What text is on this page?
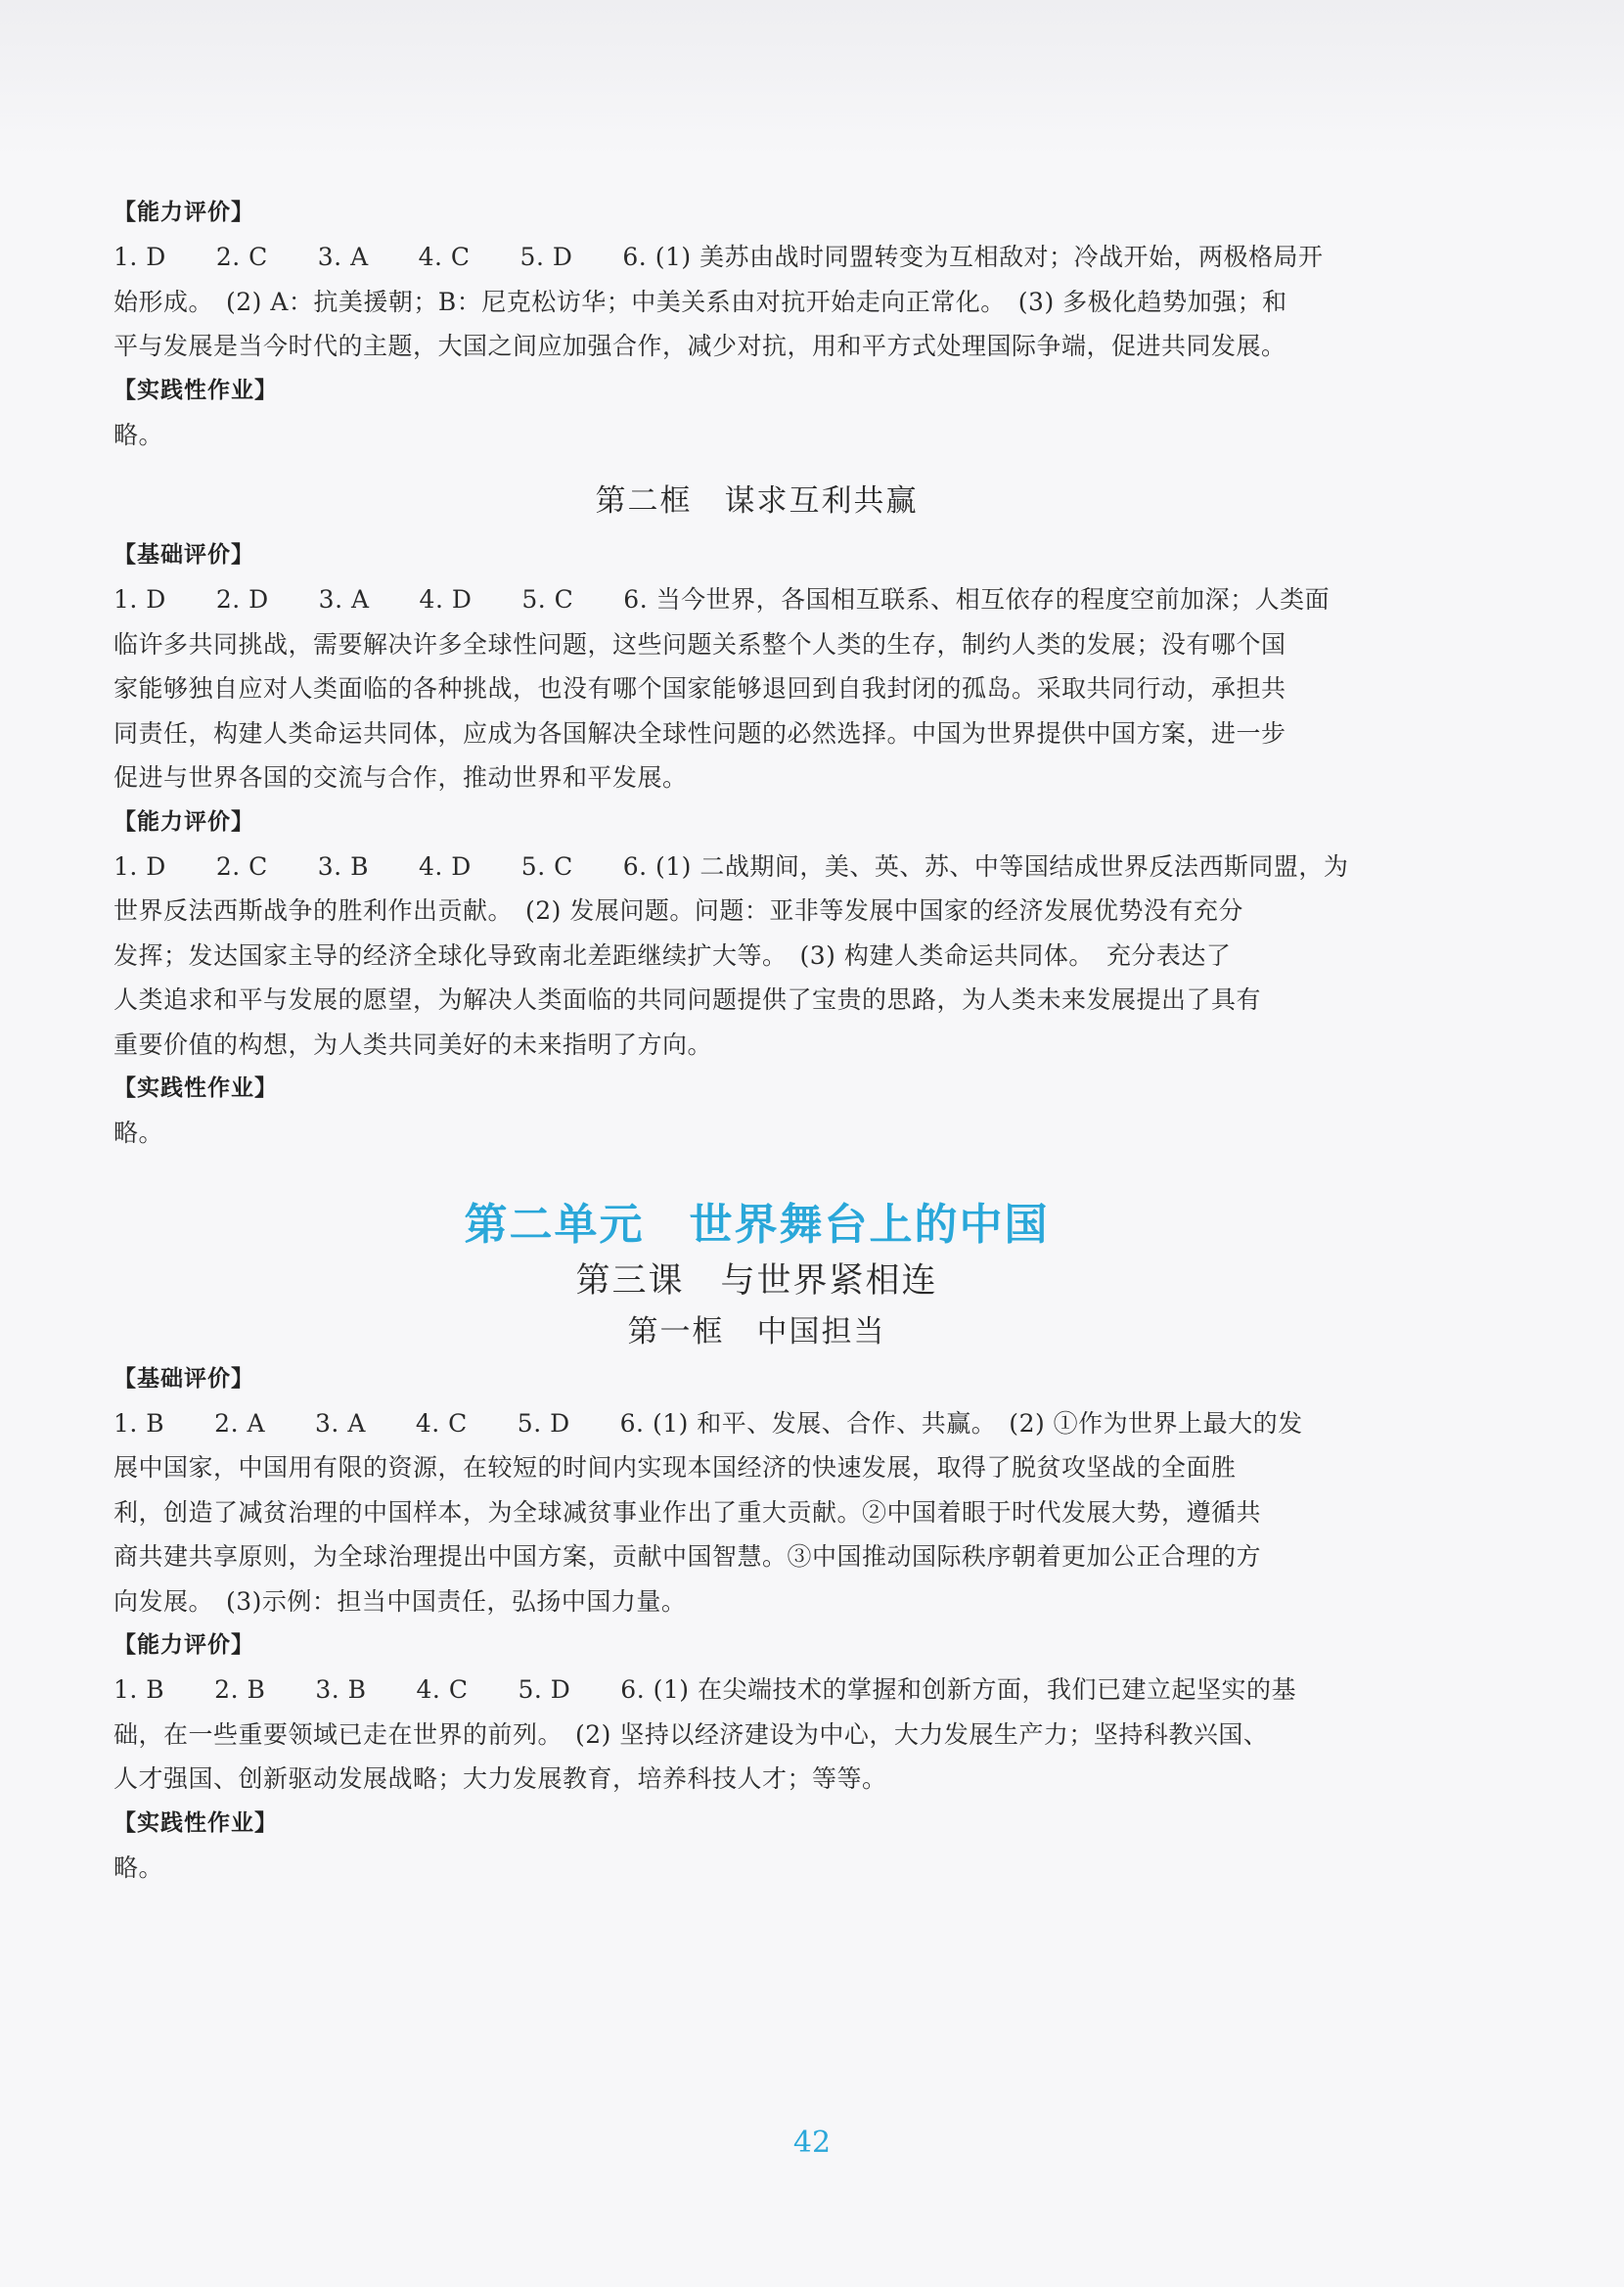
【能力评价】

1. D　　2. C　　3. A　　4. C　　5. D　　6. (1) 美苏由战时同盟转变为互相敌对；冷战开始，两极格局开
始形成。　(2) A：抗美援朝；B：尼克松访华；中美关系由对抗开始走向正常化。　(3) 多极化趋势加强；和
平与发展是当今时代的主题，大国之间应加强合作，减少对抗，用和平方式处理国际争端，促进共同发展。

【实践性作业】

略。

第二框　谋求互利共赢
【基础评价】

1. D　　2. D　　3. A　　4. D　　5. C　　6. 当今世界，各国相互联系、相互依存的程度空前加深；人类面
临许多共同挑战，需要解决许多全球性问题，这些问题关系整个人类的生存，制约人类的发展；没有哪个国
家能够独自应对人类面临的各种挑战，也没有哪个国家能够退回到自我封闭的孤岛。采取共同行动，承担共
同责任，构建人类命运共同体，应成为各国解决全球性问题的必然选择。中国为世界提供中国方案，进一步
促进与世界各国的交流与合作，推动世界和平发展。

【能力评价】

1. D　　2. C　　3. B　　4. D　　5. C　　6. (1) 二战期间，美、英、苏、中等国结成世界反法西斯同盟，为
世界反法西斯战争的胜利作出贡献。　(2) 发展问题。问题：亚非等发展中国家的经济发展优势没有充分
发挥；发达国家主导的经济全球化导致南北差距继续扩大等。　(3) 构建人类命运共同体。　充分表达了
人类追求和平与发展的愿望，为解决人类面临的共同问题提供了宝贵的思路，为人类未来发展提出了具有
重要价值的构想，为人类共同美好的未来指明了方向。

【实践性作业】

略。

第二单元　世界舞台上的中国
第三课　与世界紧相连
第一框　中国担当
【基础评价】

1. B　　2. A　　3. A　　4. C　　5. D　　6. (1) 和平、发展、合作、共赢。　(2) ①作为世界上最大的发
展中国家，中国用有限的资源，在较短的时间内实现本国经济的快速发展，取得了脱贫攻坚战的全面胜
利，创造了减贫治理的中国样本，为全球减贫事业作出了重大贡献。②中国着眼于时代发展大势，遵循共
商共建共享原则，为全球治理提出中国方案，贡献中国智慧。③中国推动国际秩序朝着更加公正合理的方
向发展。　(3)示例：担当中国责任，弘扬中国力量。

【能力评价】

1. B　　2. B　　3. B　　4. C　　5. D　　6. (1) 在尖端技术的掌握和创新方面，我们已建立起坚实的基
础，在一些重要领域已走在世界的前列。　(2) 坚持以经济建设为中心，大力发展生产力；坚持科教兴国、
人才强国、创新驱动发展战略；大力发展教育，培养科技人才；等等。

【实践性作业】

略。

42
